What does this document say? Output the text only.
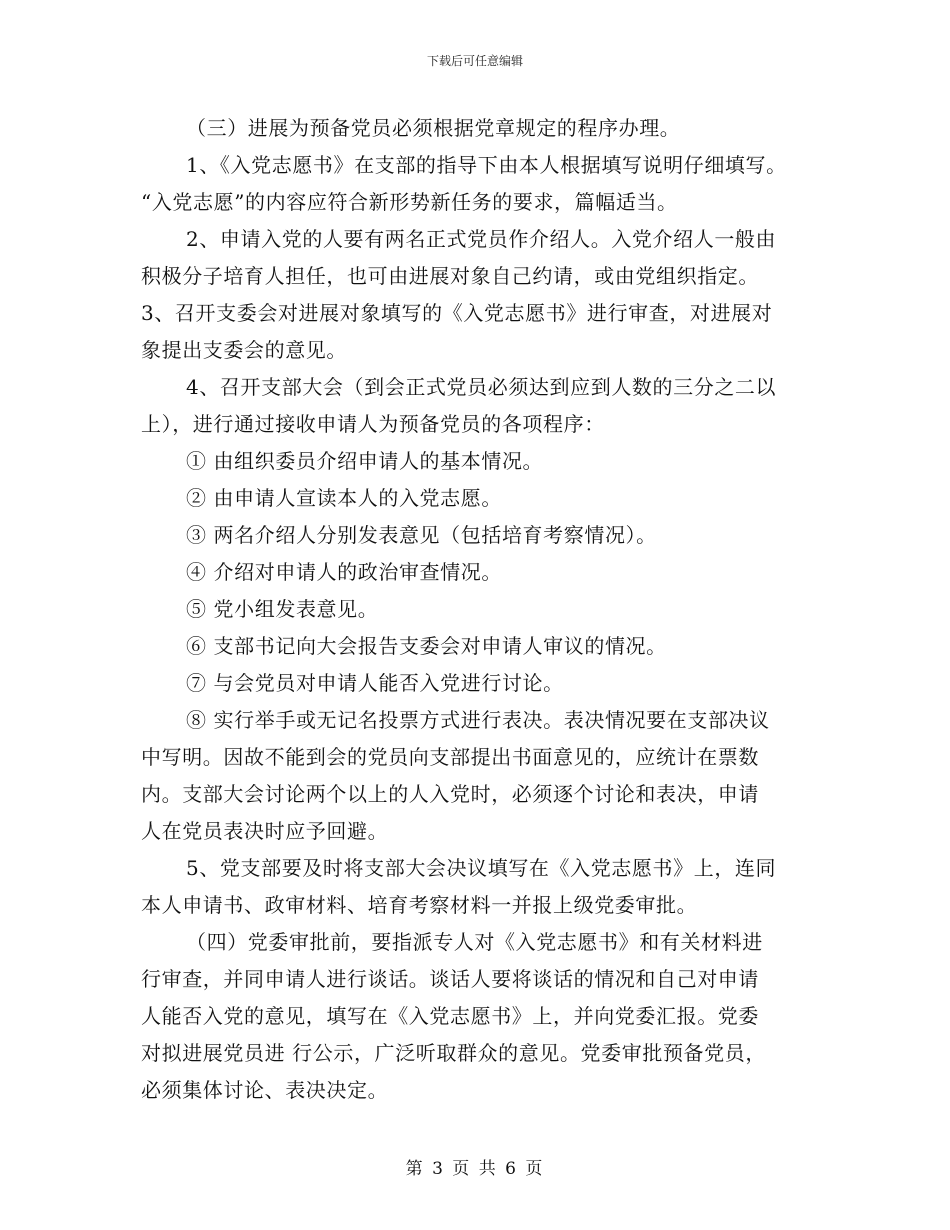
下载后可任意编辑
（三）进展为预备党员必须根据党章规定的程序办理。
1、《入党志愿书》在支部的指导下由本人根据填写说明仔细填写。
“入党志愿”的内容应符合新形势新任务的要求，篇幅适当。
2、申请入党的人要有两名正式党员作介绍人。入党介绍人一般由
积极分子培育人担任，也可由进展对象自己约请，或由党组织指定。
3、召开支委会对进展对象填写的《入党志愿书》进行审查，对进展对
象提出支委会的意见。
4、召开支部大会（到会正式党员必须达到应到人数的三分之二以
上），进行通过接收申请人为预备党员的各项程序：
① 由组织委员介绍申请人的基本情况。
② 由申请人宣读本人的入党志愿。
③ 两名介绍人分别发表意见（包括培育考察情况）。
④ 介绍对申请人的政治审查情况。
⑤ 党小组发表意见。
⑥ 支部书记向大会报告支委会对申请人审议的情况。
⑦ 与会党员对申请人能否入党进行讨论。
⑧ 实行举手或无记名投票方式进行表决。表决情况要在支部决议
中写明。因故不能到会的党员向支部提出书面意见的，应统计在票数
内。支部大会讨论两个以上的人入党时，必须逐个讨论和表决，申请
人在党员表决时应予回避。
5、党支部要及时将支部大会决议填写在《入党志愿书》上，连同
本人申请书、政审材料、培育考察材料一并报上级党委审批。
（四）党委审批前，要指派专人对《入党志愿书》和有关材料进
行审查，并同申请人进行谈话。谈话人要将谈话的情况和自己对申请
人能否入党的意见，填写在《入党志愿书》上，并向党委汇报。党委
对拟进展党员进 行公示，广泛听取群众的意见。党委审批预备党员，
必须集体讨论、表决决定。
第 3 页 共 6 页
